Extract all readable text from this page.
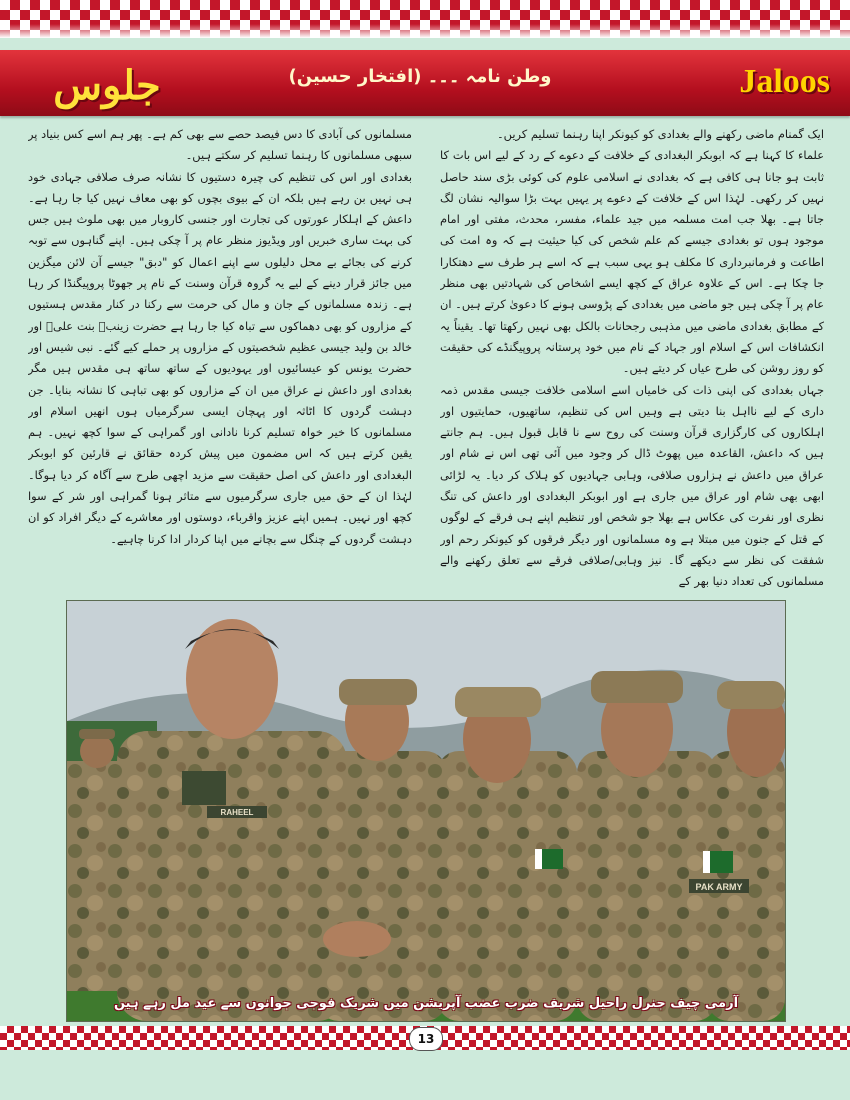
جلوس	وطن نامہ ۔۔۔ (افتخار حسین)	Jaloos

ایک گمنام ماضی رکھنے والے بغدادی کو کیونکر اپنا رہنما تسلیم کریں۔

علماء کا کہنا ہے کہ ابوبکر البغدادی کے خلافت کے دعوے کے رد کے لیے اس بات کا ثابت ہو جانا ہی کافی ہے کہ بغدادی نے اسلامی علوم کی کوئی بڑی سند حاصل نہیں کر رکھی۔ لہٰذا اس کے خلافت کے دعوے پر یہیں بہت بڑا سوالیہ نشان لگ جاتا ہے۔ بھلا جب امت مسلمہ میں جید علماء، مفسر، محدث، مفتی اور امام موجود ہوں تو بغدادی جیسے کم علم شخص کی کیا حیثیت ہے کہ وہ امت کی اطاعت و فرمانبرداری کا مکلف ہو یہی سبب ہے کہ اسے ہر طرف سے دھتکارا جا چکا ہے۔ اس کے علاوہ عراق کے کچھ ایسے اشخاص کی شہادتیں بھی منظر عام پر آ چکی ہیں جو ماضی میں بغدادی کے پڑوسی ہونے کا دعویٰ کرتے ہیں۔ ان کے مطابق بغدادی ماضی میں مذہبی رجحانات بالکل بھی نہیں رکھتا تھا۔ یقیناً یہ انکشافات اس کے اسلام اور جہاد کے نام میں خود پرستانہ پروپیگنڈے کی حقیقت کو روز روشن کی طرح عیاں کر دیتے ہیں۔

جہاں بغدادی کی اپنی ذات کی خامیاں اسے اسلامی خلافت جیسی مقدس ذمہ داری کے لیے نااہل بنا دیتی ہے وہیں اس کی تنظیم، ساتھیوں، حمایتیوں اور اہلکاروں کی کارگزاری قرآن وسنت کی روح سے نا قابل قبول ہیں۔ ہم جانتے ہیں کہ داعش، القاعدہ میں پھوٹ ڈال کر وجود میں آئی تھی اس نے شام اور عراق میں داعش نے ہزاروں صلافی، وہابی جہادیوں کو ہلاک کر دیا۔ یہ لڑائی ابھی بھی شام اور عراق میں جاری ہے اور ابوبکر البغدادی اور داعش کی تنگ نظری اور نفرت کی عکاس ہے بھلا جو شخص اور تنظیم اپنے ہی فرقے کے لوگوں کے قتل کے جنون میں مبتلا ہے وہ مسلمانوں اور دیگر فرقوں کو کیونکر رحم اور شفقت کی نظر سے دیکھے گا۔ نیز وہابی/صلافی فرقے سے تعلق رکھنے والے مسلمانوں کی تعداد دنیا بھر کے

مسلمانوں کی آبادی کا دس فیصد حصے سے بھی کم ہے۔ پھر ہم اسے کس بنیاد پر سبھی مسلمانوں کا رہنما تسلیم کر سکتے ہیں۔

بغدادی اور اس کی تنظیم کی چیرہ دستیوں کا نشانہ صرف صلافی جہادی خود ہی نہیں بن رہے ہیں بلکہ ان کے بیوی بچوں کو بھی معاف نہیں کیا جا رہا ہے۔ داعش کے اہلکار عورتوں کی تجارت اور جنسی کاروبار میں بھی ملوث ہیں جس کی بہت ساری خبریں اور ویڈیوز منظر عام پر آ چکی ہیں۔ اپنے گناہوں سے توبہ کرنے کی بجائے بے محل دلیلوں سے اپنے اعمال کو "دبق" جیسے آن لائن میگزین میں جائز قرار دینے کے لیے یہ گروہ قرآن وسنت کے نام پر جھوٹا پروپیگنڈا کر رہا ہے۔ زندہ مسلمانوں کے جان و مال کی حرمت سے رکنا در کنار مقدس ہستیوں کے مزاروں کو بھی دھماکوں سے تباہ کیا جا رہا ہے حضرت زینبؓ بنت علیؓ اور خالد بن ولید جیسی عظیم شخصیتوں کے مزاروں پر حملے کیے گئے۔ نبی شیس اور حضرت یونس کو عیسائیوں اور یہودیوں کے ساتھ ساتھ ہی مقدس ہیں مگر بغدادی اور داعش نے عراق میں ان کے مزاروں کو بھی تباہی کا نشانہ بنایا۔ جن دہشت گردوں کا اٹاثہ اور پہچان ایسی سرگرمیاں ہوں انھیں اسلام اور مسلمانوں کا خیر خواہ تسلیم کرنا نادانی اور گمراہی کے سوا کچھ نہیں۔ ہم یقین کرتے ہیں کہ اس مضمون میں پیش کردہ حقائق نے قارئین کو ابوبکر البغدادی اور داعش کی اصل حقیقت سے مزید اچھی طرح سے آگاہ کر دیا ہوگا۔ لہٰذا ان کے حق میں جاری سرگرمیوں سے متاثر ہونا گمراہی اور شر کے سوا کچھ اور نہیں۔ ہمیں اپنے عزیز واقرباء، دوستوں اور معاشرے کے دیگر افراد کو ان دہشت گردوں کے چنگل سے بچانے میں اپنا کردار ادا کرنا چاہیے۔

PAK ARMY
RAHEEL
آرمی چیف جنرل راحیل شریف ضرب عضب آپریشن میں شریک فوجی جوانوں سے عید مل رہے ہیں
13
